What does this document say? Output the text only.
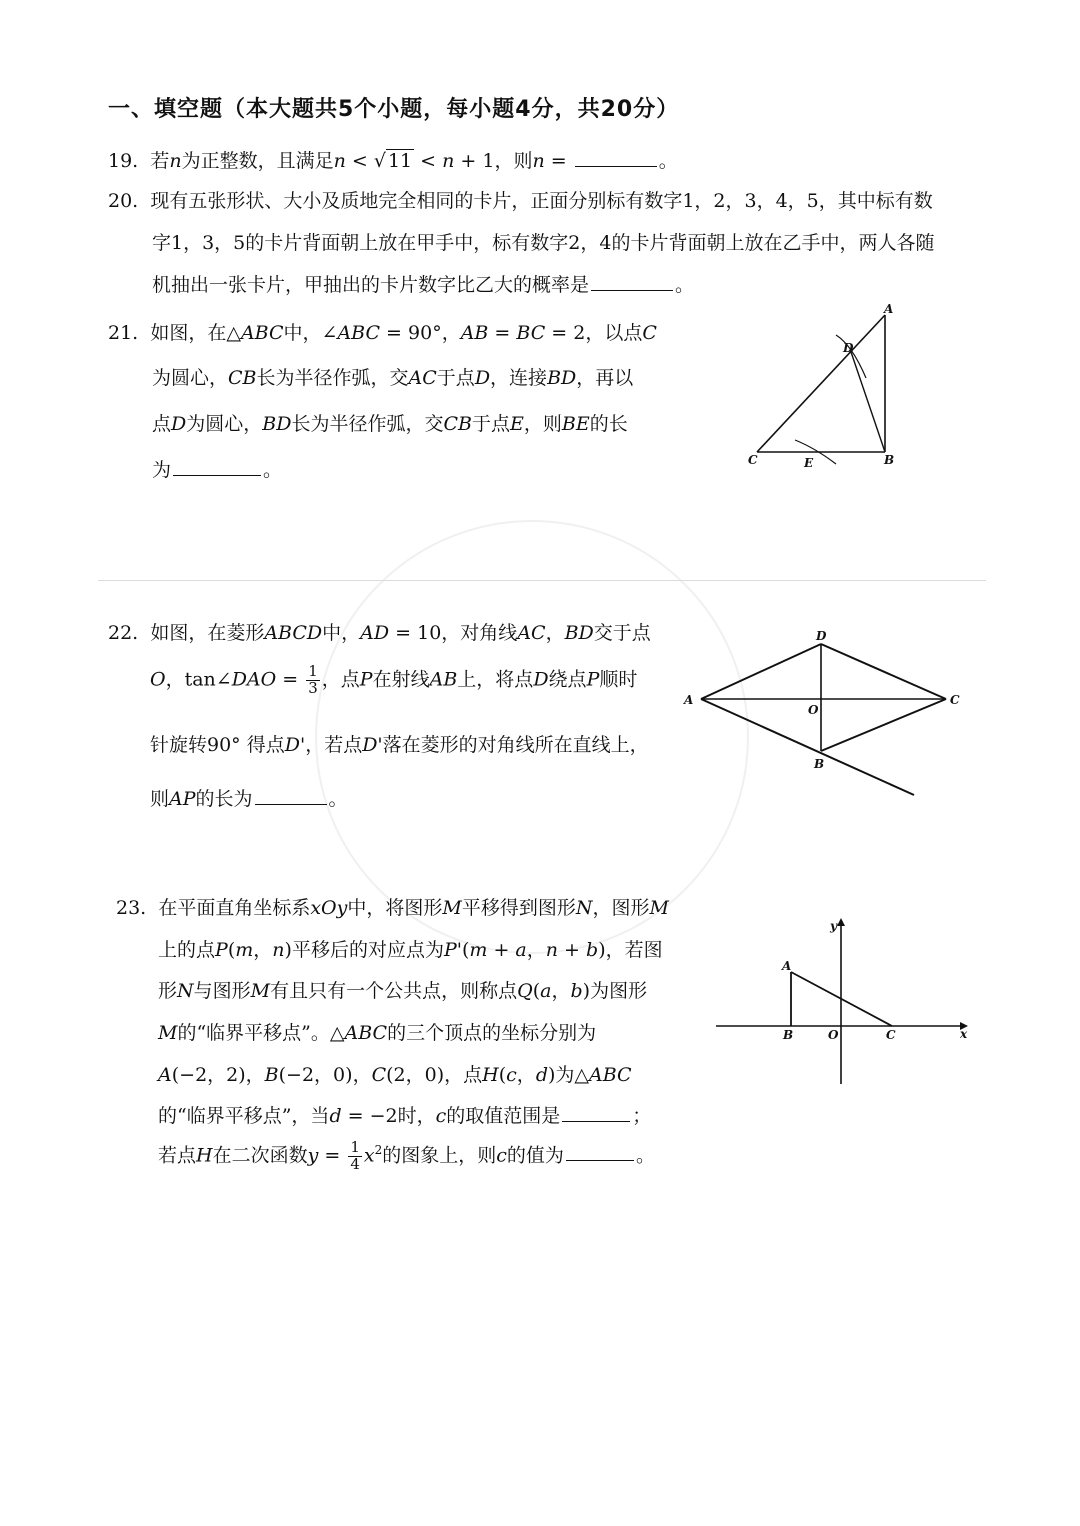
一、填空题（本大题共5个小题，每小题4分，共20分）
19. 若n为正整数，且满足n < √ 11 < n + 1，则n =	。
20. 现有五张形状、大小及质地完全相同的卡片，正面分别标有数字1，2，3，4，5，其中标有数
字1，3，5的卡片背面朝上放在甲手中，标有数字2，4的卡片背面朝上放在乙手中，两人各随
机抽出一张卡片，甲抽出的卡片数字比乙大的概率是	。
21. 如图，在△ABC中，∠ABC = 90°，AB = BC = 2，以点C
为圆心，CB长为半径作弧，交AC于点D，连接BD，再以
点D为圆心，BD长为半径作弧，交CB于点E，则BE的长
为	。
A
D
C	E	B
22. 如图，在菱形ABCD中，AD = 10，对角线AC，BD交于点
O，tan∠DAO = $\frac{1}{3}$ ，点P在射线AB上，将点D绕点P顺时
针旋转90° 得点D'，若点D'落在菱形的对角线所在直线上，
则AP的长为	。
D
A
O
C
B
23. 在平面直角坐标系xOy中，将图形M平移得到图形N，图形M
上的点P(m，n)平移后的对应点为P'(m + a，n + b)，若图
形N与图形M有且只有一个公共点，则称点Q(a，b)为图形
M的“临界平移点”。△ABC的三个顶点的坐标分别为
A(−2，2)，B(−2，0)，C(2，0)，点H(c，d)为△ABC
的“临界平移点”，当d = −2时，c的取值范围是	；
若点H在二次函数$y = \frac{1}{4} x^2$的图象上，则c的值为	。
y
A
B	O	C	x
